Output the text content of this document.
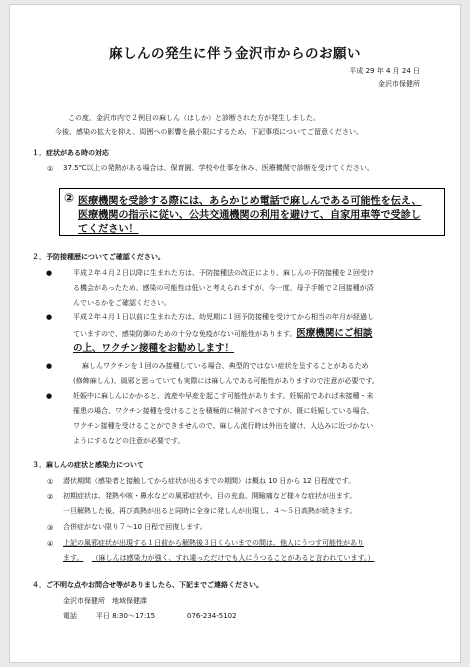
麻しんの発生に伴う金沢市からのお願い
平成 29 年 4 月 24 日
金沢市保健所
この度、金沢市内で２例目の麻しん（はしか）と診断された方が発生しました。
今後、感染の拡大を抑え、周囲への影響を最小限にするため、下記事項についてご留意ください。
１．症状がある時の対応
① 37.5℃以上の発熱がある場合は、保育園、学校や仕事を休み、医療機関で診断を受けてください。
② 医療機関を受診する際には、あらかじめ電話で麻しんである可能性を伝え、
医療機関の指示に従い、公共交通機関の利用を避けて、自家用車等で受診し
てください！
２．予防接種歴についてご確認ください。
●	平成２年４月２日以降に生まれた方は、予防接種法の改正により、麻しんの予防接種を２回受け
る機会があったため、感染の可能性は低いと考えられますが、今一度、母子手帳で２回接種が済
んでいるかをご確認ください。
●	平成２年４月１日以前に生まれた方は、幼児期に１回予防接種を受けてから相当の年月が経過し
ていますので、感染防御のための十分な免疫がない可能性があります。医療機関にご相談
の上、ワクチン接種をお勧めします！
●	麻しんワクチンを１回のみ接種している場合、典型的ではない症状を呈することがあるため
(修飾麻しん)、風邪と思っていても実際には麻しんである可能性がありますので注意が必要です。
●	妊娠中に麻しんにかかると、流産や早産を起こす可能性があります。妊娠前であれば未接種・未
罹患の場合、ワクチン接種を受けることを積極的に検討すべきですが、既に妊娠している場合、
ワクチン接種を受けることができませんので、麻しん流行時は外出を避け、人込みに近づかない
ようにするなどの注意が必要です。
３．麻しんの症状と感染力について
① 潜伏期間（感染者と接触してから症状が出るまでの期間）は概ね 10 日から 12 日程度です。
② 初期症状は、発熱や咳・鼻水などの風邪症状や、目の充血、開瞼痛など様々な症状が出ます。
一旦解熱した後、再び高熱が出ると同時に全身に発しんが出現し、４～５日高熱が続きます。
③ 合併症がない限り７～10 日程で回復します。
④ 上記の風邪症状が出現する１日前から解熱後３日くらいまでの間は、他人にうつす可能性があり
ます。 （麻しんは感染力が強く、すれ違っただけでも人にうつることがあると言われています。）
４．ご不明な点やお問合せ等がありましたら、下記までご連絡ください。
金沢市保健所　地域保健課
電話	平日 8:30～17:15	076-234-5102
